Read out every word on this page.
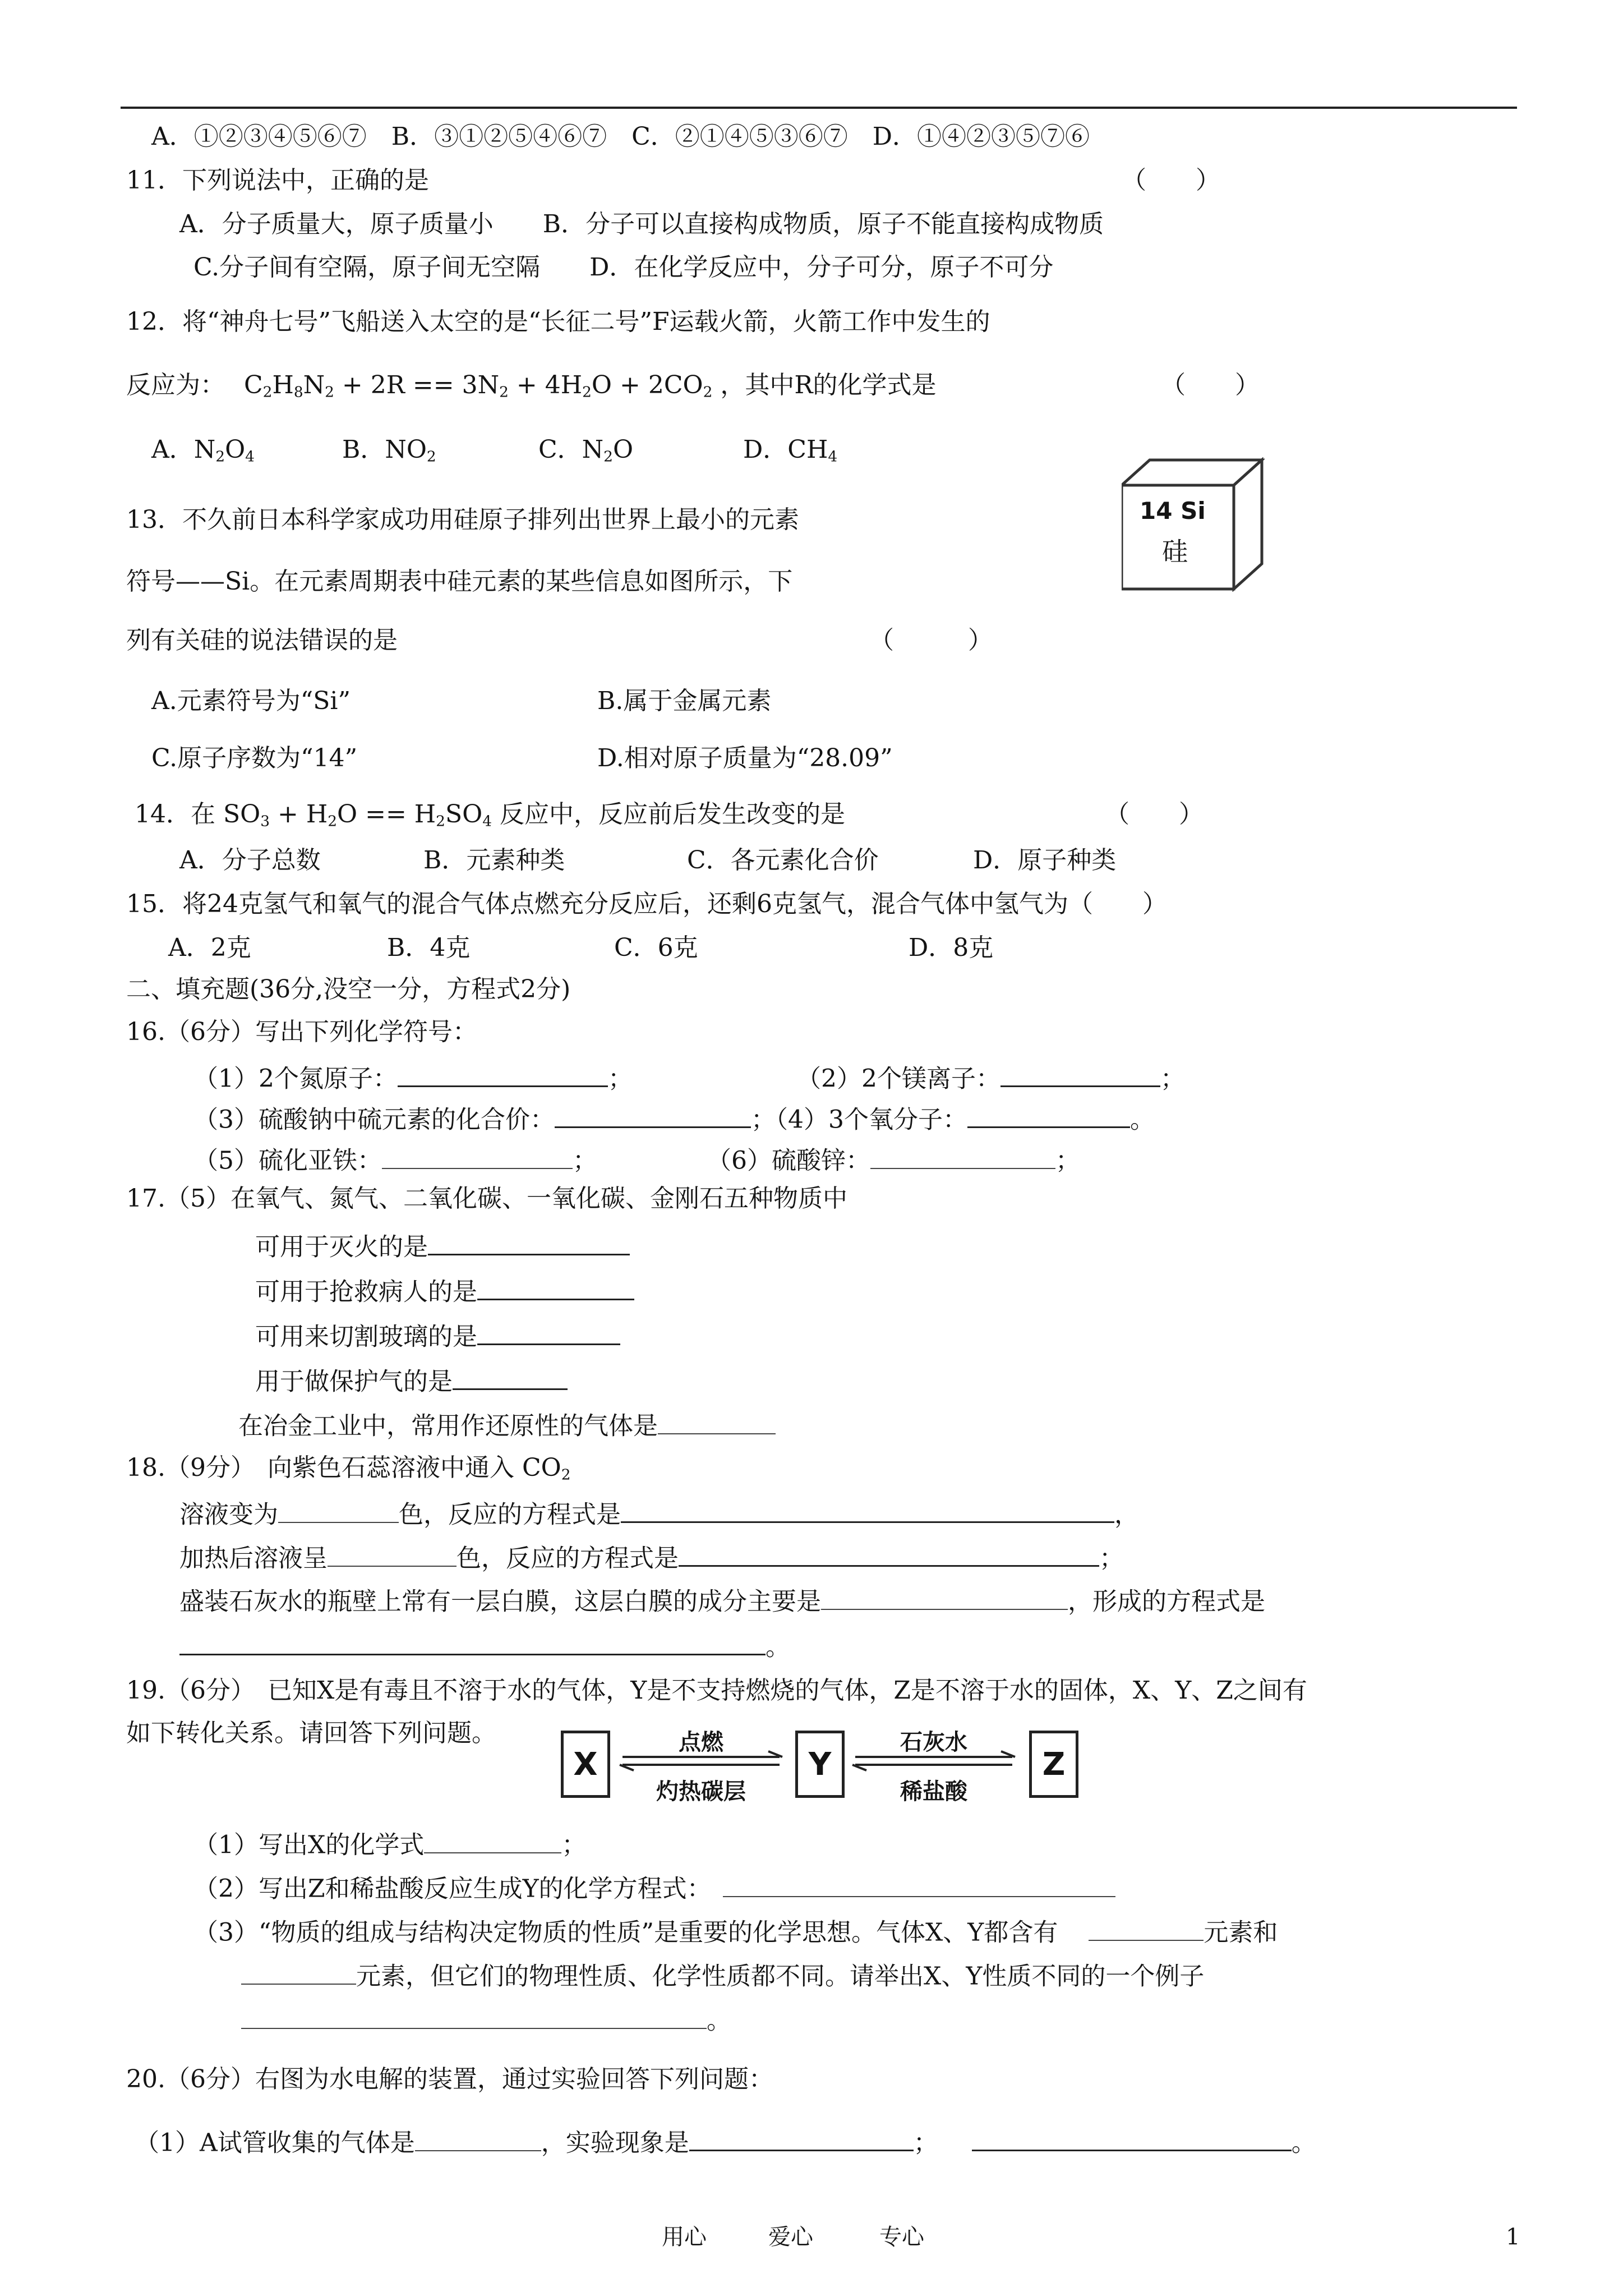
A．①②③④⑤⑥⑦　B．③①②⑤④⑥⑦　C．②①④⑤③⑥⑦　D．①④②③⑤⑦⑥
11．下列说法中，正确的是	（　　）
A．分子质量大，原子质量小　　B．分子可以直接构成物质，原子不能直接构成物质
C.分子间有空隔，原子间无空隔　　D．在化学反应中，分子可分，原子不可分
12．将“神舟七号”飞船送入太空的是“长征二号”F运载火箭，火箭工作中发生的
反应为： $C_2H_8N_2 + 2R == 3N_2 + 4H_2O + 2CO_2$ ，其中R的化学式是	（　　）
A．$N_2O_4$	B．$NO_2$	C．$N_2O$	D．$CH_4$
13．不久前日本科学家成功用硅原子排列出世界上最小的元素
符号——Si。在元素周期表中硅元素的某些信息如图所示，下
列有关硅的说法错误的是	（　　　）
A.元素符号为“Si”	B.属于金属元素
C.原子序数为“14”	D.相对原子质量为“28.09”
14 Si
硅
14．在 $SO_3 + H_2O == H_2SO_4$ 反应中，反应前后发生改变的是	（　　）
A．分子总数	B．元素种类	C．各元素化合价	D．原子种类
15．将24克氢气和氧气的混合气体点燃充分反应后，还剩6克氢气，混合气体中氢气为（　　）
A．2克	B．4克	C．6克	D．8克
二、填充题(36分,没空一分，方程式2分)
16.（6分）写出下列化学符号：
（1）2个氮原子：	；	（2）2个镁离子：	；
（3）硫酸钠中硫元素的化合价：	；（4）3个氧分子：	。
（5）硫化亚铁：	；	（6）硫酸锌：	；
17.（5）在氧气、氮气、二氧化碳、一氧化碳、金刚石五种物质中
可用于灭火的是
可用于抢救病人的是
可用来切割玻璃的是
用于做保护气的是
在冶金工业中，常用作还原性的气体是
18.（9分）　向紫色石蕊溶液中通入 $CO_2$
溶液变为	色，反应的方程式是	，
加热后溶液呈	色，反应的方程式是	；
盛装石灰水的瓶壁上常有一层白膜，这层白膜的成分主要是	，形成的方程式是
。
19.（6分）　已知X是有毒且不溶于水的气体，Y是不支持燃烧的气体，Z是不溶于水的固体，X、Y、Z之间有
如下转化关系。请回答下列问题。
X	Y	Z
点燃
灼热碳层
石灰水
稀盐酸
（1）写出X的化学式	；
（2）写出Z和稀盐酸反应生成Y的化学方程式：
（3）“物质的组成与结构决定物质的性质”是重要的化学思想。气体X、Y都含有	元素和
元素，但它们的物理性质、化学性质都不同。请举出X、Y性质不同的一个例子
。
20.（6分）右图为水电解的装置，通过实验回答下列问题：
（1）A试管收集的气体是	，实验现象是	；	。
用心	爱心	专心	1
